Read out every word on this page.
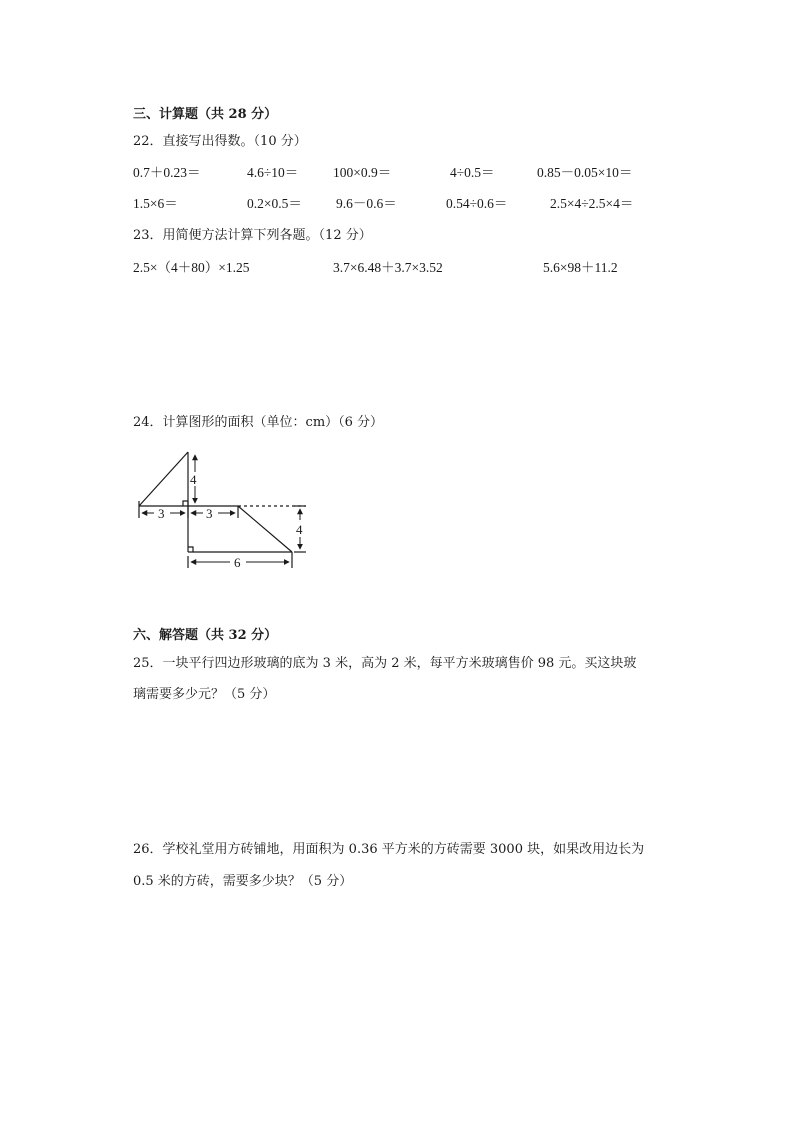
三、计算题（共 28 分）
22．直接写出得数。（10 分）
0.7＋0.23＝	4.6÷10＝	100×0.9＝	4÷0.5＝	0.85－0.05×10＝
1.5×6＝	0.2×0.5＝	9.6－0.6＝	0.54÷0.6＝	2.5×4÷2.5×4＝
23．用简便方法计算下列各题。（12 分）
2.5×（4＋80）×1.25	3.7×6.48＋3.7×3.52	5.6×98＋11.2
24．计算图形的面积（单位：cm）（6 分）
4
3	3
4
6
六、解答题（共 32 分）
25．一块平行四边形玻璃的底为 3 米，高为 2 米，每平方米玻璃售价 98 元。买这块玻
璃需要多少元？（5 分）
26．学校礼堂用方砖铺地，用面积为 0.36 平方米的方砖需要 3000 块，如果改用边长为
0.5 米的方砖，需要多少块？（5 分）
